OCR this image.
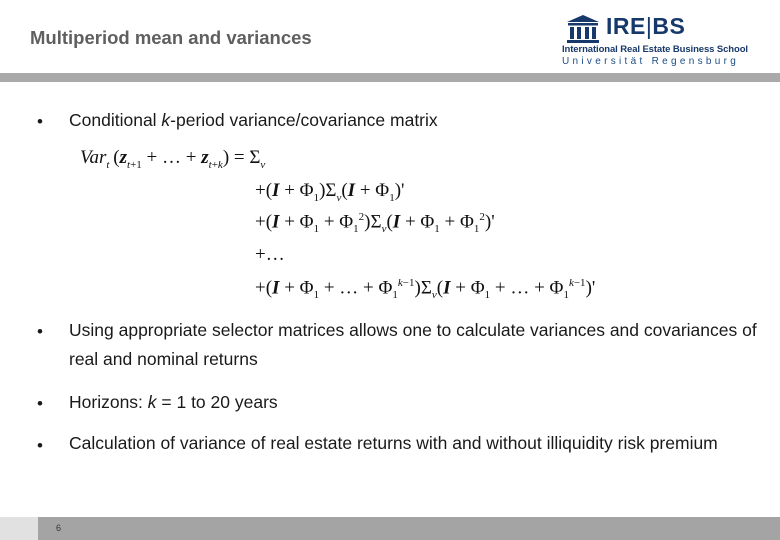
Multiperiod mean and variances	IRE|BS
International Real Estate Business School
Universität Regensburg
• Conditional k-period variance/covariance matrix
Var$_t$ ($z_{t+1}$ + … + $z_{t+k}) = \Sigma_v$
$+(I + \Phi_1)\Sigma_v(I + \Phi_1)'$
$+(I + \Phi_1 + \Phi_1^2)\Sigma_v(I + \Phi_1 + \Phi_1^2)'$
+…
$+(I + \Phi_1$ + … + $\Phi_1^{k-1})\Sigma_v(I + \Phi_1$ + … + $\Phi_1^{k-1})'$
• Using appropriate selector matrices allows one to calculate variances and covariances of real and nominal returns
• Horizons: k = 1 to 20 years
• Calculation of variance of real estate returns with and without illiquidity risk premium
6
